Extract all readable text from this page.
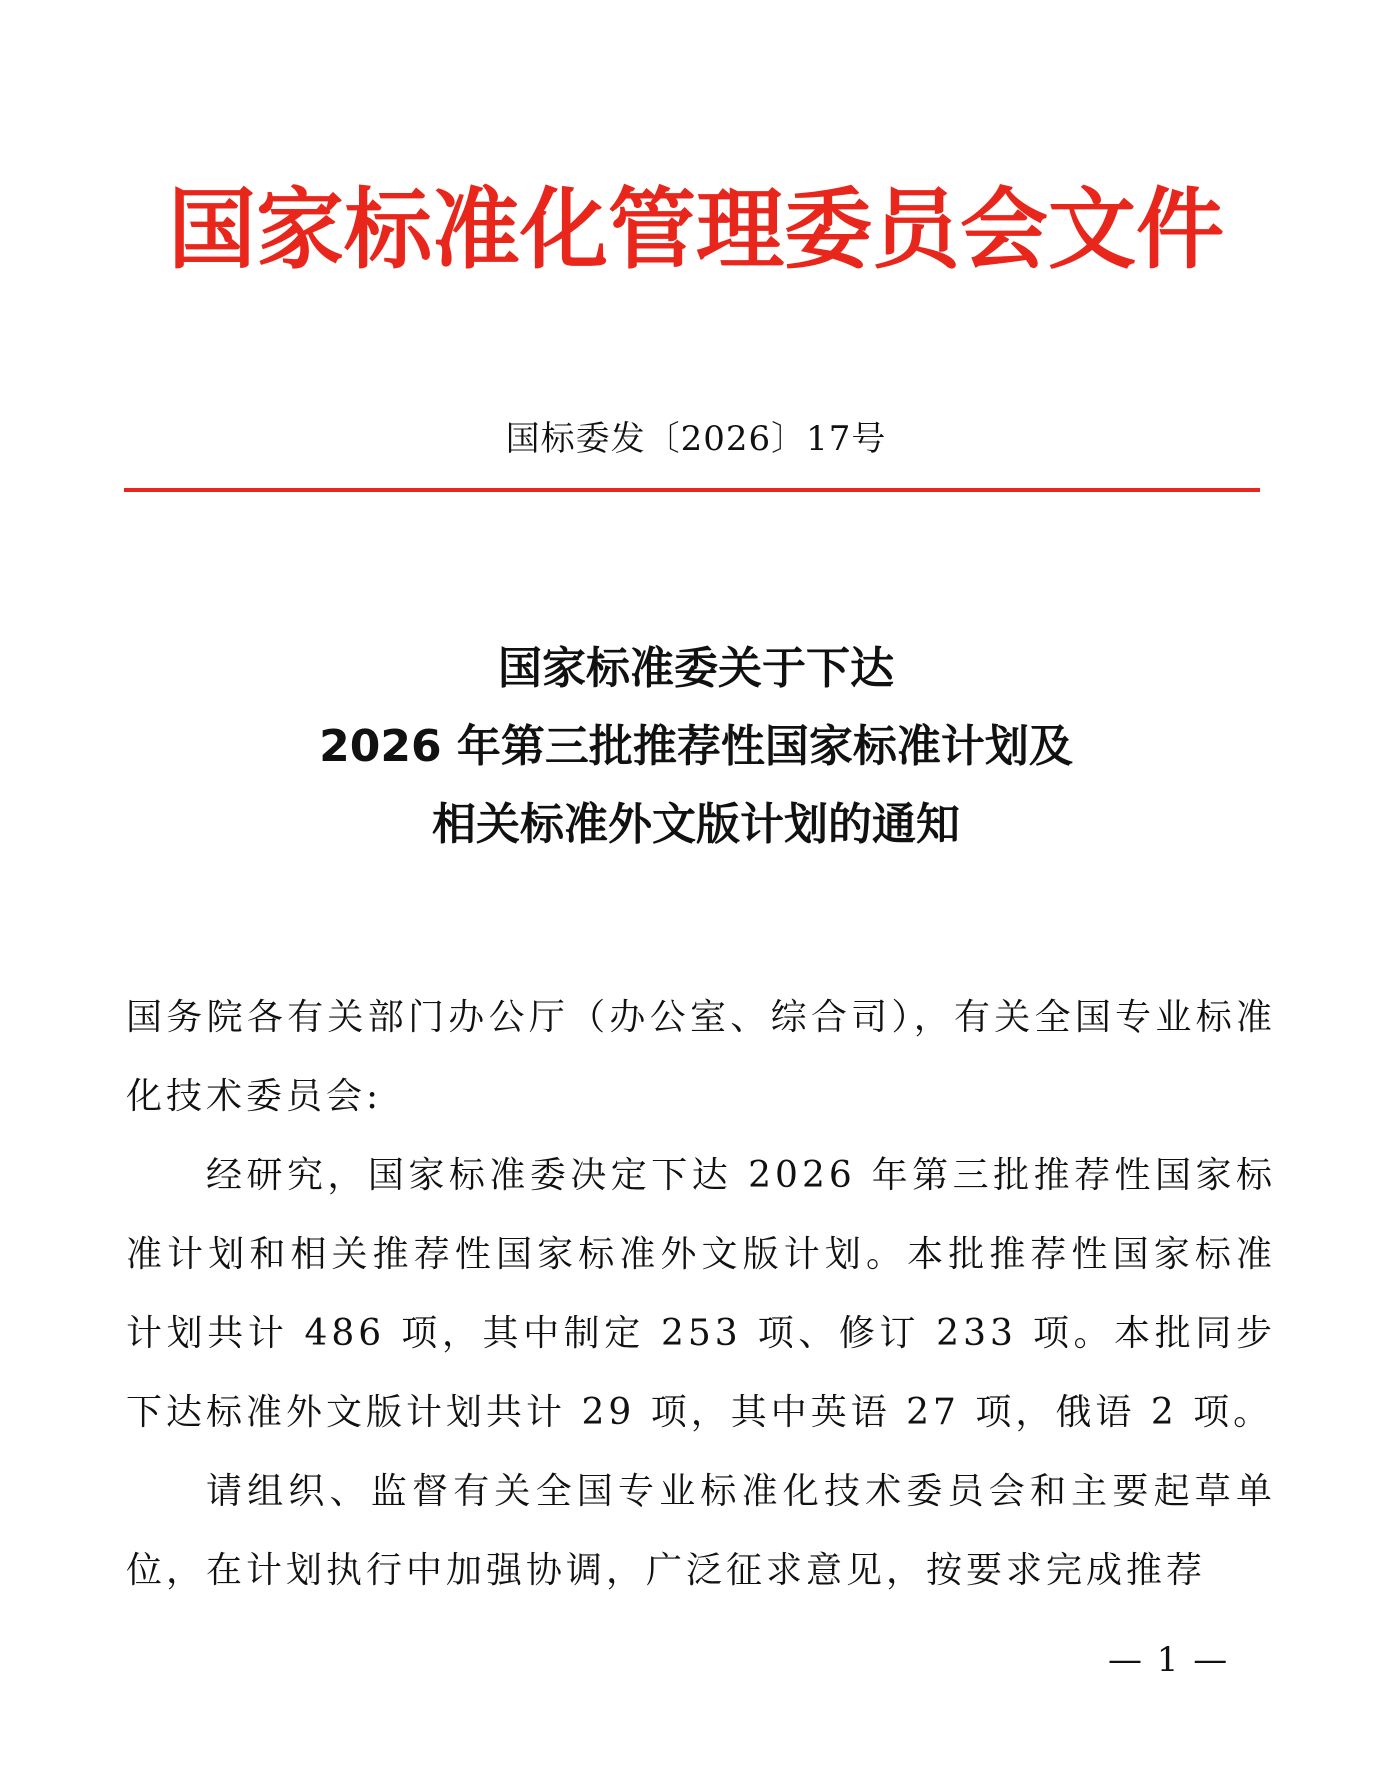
国家标准化管理委员会文件
国标委发〔2026〕17号
国家标准委关于下达
2026 年第三批推荐性国家标准计划及
相关标准外文版计划的通知

国务院各有关部门办公厅（办公室、综合司），有关全国专业标准化技术委员会:

经研究，国家标准委决定下达 2026 年第三批推荐性国家标准计划和相关推荐性国家标准外文版计划。本批推荐性国家标准计划共计 486 项，其中制定 253 项、修订 233 项。本批同步下达标准外文版计划共计 29 项，其中英语 27 项，俄语 2 项。

请组织、监督有关全国专业标准化技术委员会和主要起草单位，在计划执行中加强协调，广泛征求意见，按要求完成推荐

— 1 —
